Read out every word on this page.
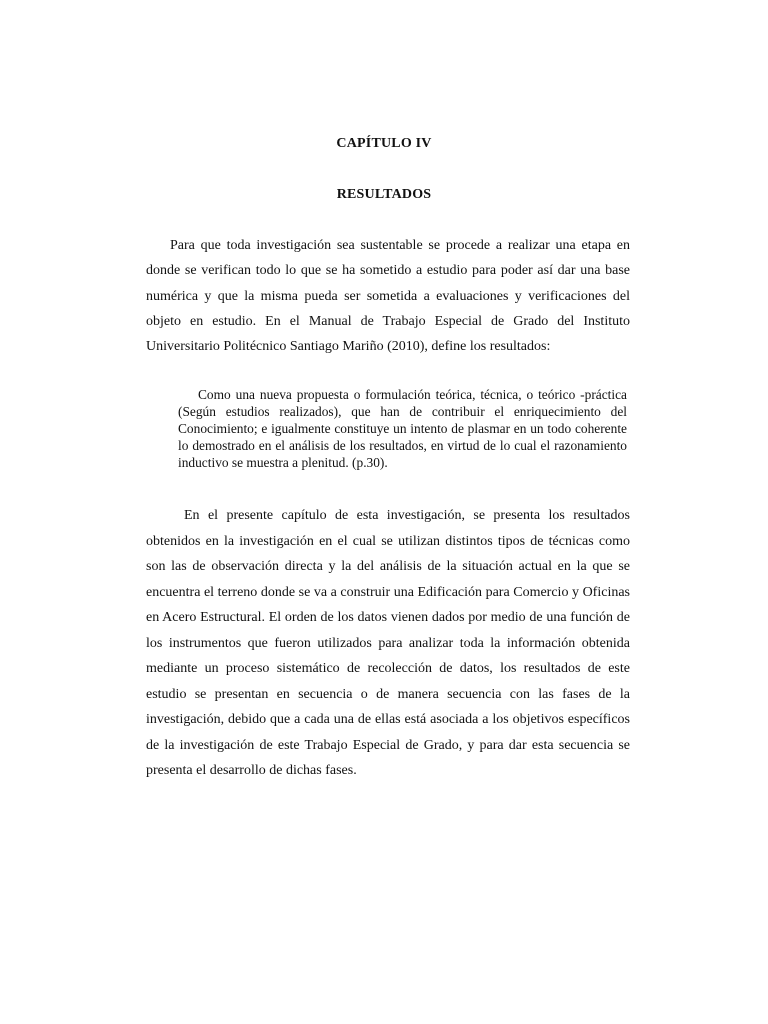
CAPÍTULO IV
RESULTADOS

Para que toda investigación sea sustentable se procede a realizar una etapa en donde se verifican todo lo que se ha sometido a estudio para poder así dar una base numérica y que la misma pueda ser sometida a evaluaciones y verificaciones del objeto en estudio. En el Manual de Trabajo Especial de Grado del Instituto Universitario Politécnico Santiago Mariño (2010), define los resultados:

Como una nueva propuesta o formulación teórica, técnica, o teórico -práctica (Según estudios realizados), que han de contribuir el enriquecimiento del Conocimiento; e igualmente constituye un intento de plasmar en un todo coherente lo demostrado en el análisis de los resultados, en virtud de lo cual el razonamiento inductivo se muestra a plenitud. (p.30).

En el presente capítulo de esta investigación, se presenta los resultados obtenidos en la investigación en el cual se utilizan distintos tipos de técnicas como son las de observación directa y la del análisis de la situación actual en la que se encuentra el terreno donde se va a construir una Edificación para Comercio y Oficinas en Acero Estructural. El orden de los datos vienen dados por medio de una función de los instrumentos que fueron utilizados para analizar toda la información obtenida mediante un proceso sistemático de recolección de datos, los resultados de este estudio se presentan en secuencia o de manera secuencia con las fases de la investigación, debido que a cada una de ellas está asociada a los objetivos específicos de la investigación de este Trabajo Especial de Grado, y para dar esta secuencia se presenta el desarrollo de dichas fases.
